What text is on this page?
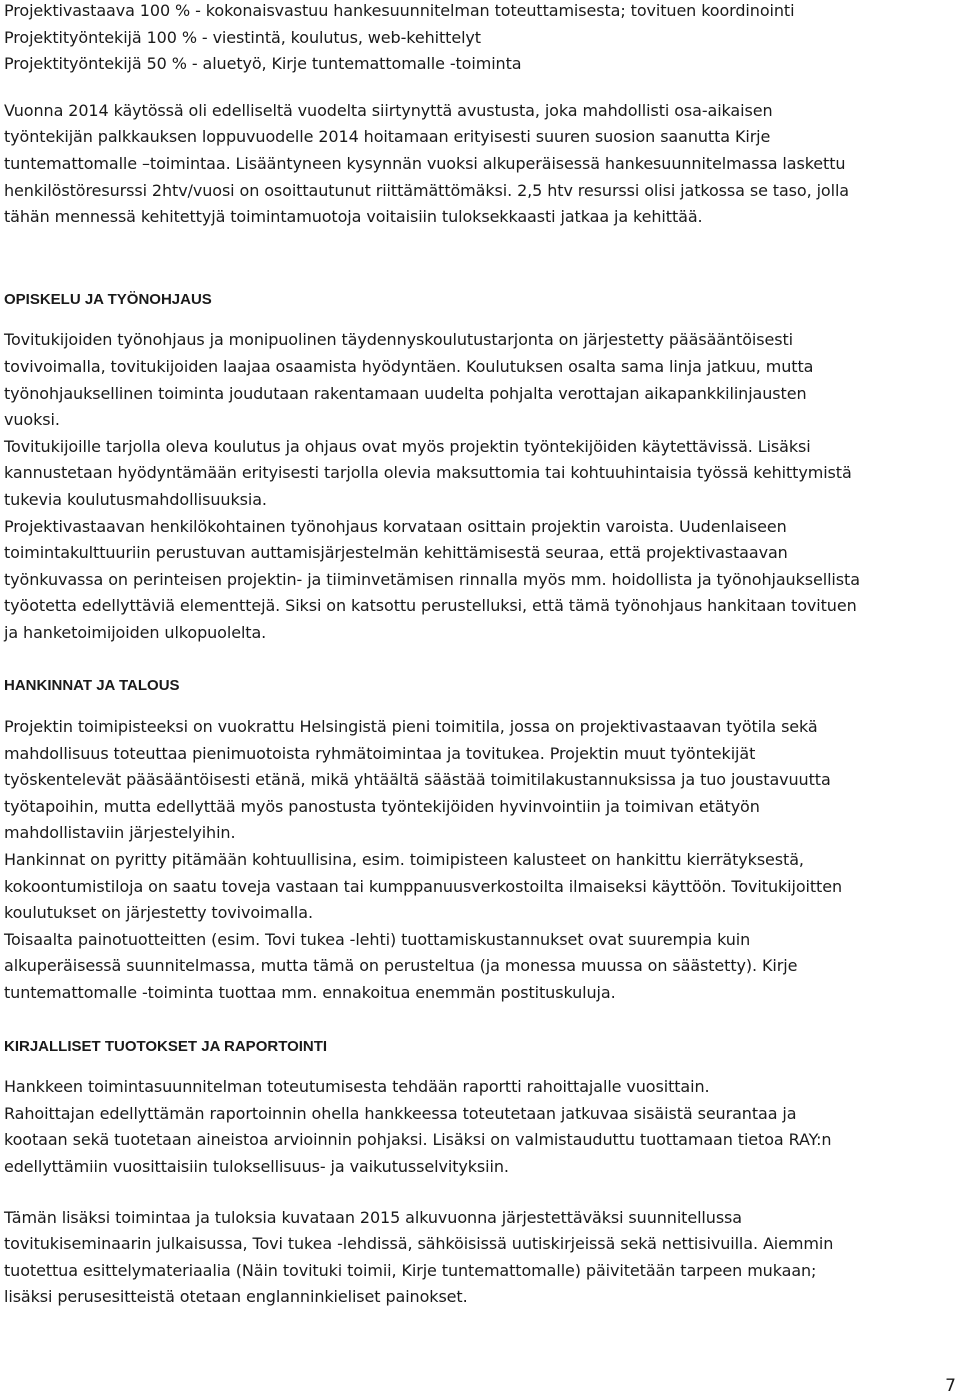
Projektivastaava 100 % - kokonaisvastuu hankesuunnitelman toteuttamisesta; tovituen koordinointi
Projektityöntekijä 100 % - viestintä, koulutus, web-kehittelyt
Projektityöntekijä 50 % - aluetyö, Kirje tuntemattomalle -toiminta
Vuonna 2014 käytössä oli edelliseltä vuodelta siirtynyttä avustusta, joka mahdollisti osa-aikaisen
työntekijän palkkauksen loppuvuodelle 2014 hoitamaan erityisesti suuren suosion saanutta Kirje
tuntemattomalle –toimintaa. Lisääntyneen kysynnän vuoksi alkuperäisessä hankesuunnitelmassa laskettu
henkilöstöresurssi 2htv/vuosi on osoittautunut riittämättömäksi. 2,5 htv resurssi olisi jatkossa se taso, jolla
tähän mennessä kehitettyjä toimintamuotoja voitaisiin tuloksekkaasti jatkaa ja kehittää.
OPISKELU JA TYÖNOHJAUS
Tovitukijoiden työnohjaus ja monipuolinen täydennyskoulutustarjonta on järjestetty pääsääntöisesti
tovivoimalla, tovitukijoiden laajaa osaamista hyödyntäen. Koulutuksen osalta sama linja jatkuu, mutta
työnohjauksellinen toiminta joudutaan rakentamaan uudelta pohjalta verottajan aikapankkilinjausten
vuoksi.
Tovitukijoille tarjolla oleva koulutus ja ohjaus ovat myös projektin työntekijöiden käytettävissä. Lisäksi
kannustetaan hyödyntämään erityisesti tarjolla olevia maksuttomia tai kohtuuhintaisia työssä kehittymistä
tukevia koulutusmahdollisuuksia.
Projektivastaavan henkilökohtainen työnohjaus korvataan osittain projektin varoista. Uudenlaiseen
toimintakulttuuriin perustuvan auttamisjärjestelmän kehittämisestä seuraa, että projektivastaavan
työnkuvassa on perinteisen projektin- ja tiiminvetämisen rinnalla myös mm. hoidollista ja työnohjauksellista
työotetta edellyttäviä elementtejä. Siksi on katsottu perustelluksi, että tämä työnohjaus hankitaan tovituen
ja hanketoimijoiden ulkopuolelta.
HANKINNAT JA TALOUS
Projektin toimipisteeksi on vuokrattu Helsingistä pieni toimitila, jossa on projektivastaavan työtila sekä
mahdollisuus toteuttaa pienimuotoista ryhmätoimintaa ja tovitukea. Projektin muut työntekijät
työskentelevät pääsääntöisesti etänä, mikä yhtäältä säästää toimitilakustannuksissa ja tuo joustavuutta
työtapoihin, mutta edellyttää myös panostusta työntekijöiden hyvinvointiin ja toimivan etätyön
mahdollistaviin järjestelyihin.
Hankinnat on pyritty pitämään kohtuullisina, esim. toimipisteen kalusteet on hankittu kierrätyksestä,
kokoontumistiloja on saatu toveja vastaan tai kumppanuusverkostoilta ilmaiseksi käyttöön. Tovitukijoitten
koulutukset on järjestetty tovivoimalla.
Toisaalta painotuotteitten (esim. Tovi tukea -lehti) tuottamiskustannukset ovat suurempia kuin
alkuperäisessä suunnitelmassa, mutta tämä on perusteltua (ja monessa muussa on säästetty). Kirje
tuntemattomalle -toiminta tuottaa mm. ennakoitua enemmän postituskuluja.
KIRJALLISET TUOTOKSET JA RAPORTOINTI
Hankkeen toimintasuunnitelman toteutumisesta tehdään raportti rahoittajalle vuosittain.
Rahoittajan edellyttämän raportoinnin ohella hankkeessa toteutetaan jatkuvaa sisäistä seurantaa ja
kootaan sekä tuotetaan aineistoa arvioinnin pohjaksi. Lisäksi on valmistauduttu tuottamaan tietoa RAY:n
edellyttämiin vuosittaisiin tuloksellisuus- ja vaikutusselvityksiin.
Tämän lisäksi toimintaa ja tuloksia kuvataan 2015 alkuvuonna järjestettäväksi suunnitellussa
tovitukiseminaarin julkaisussa, Tovi tukea -lehdissä, sähköisissä uutiskirjeissä sekä nettisivuilla. Aiemmin
tuotettua esittelymateriaalia (Näin tovituki toimii, Kirje tuntemattomalle) päivitetään tarpeen mukaan;
lisäksi perusesitteistä otetaan englanninkieliset painokset.
7
